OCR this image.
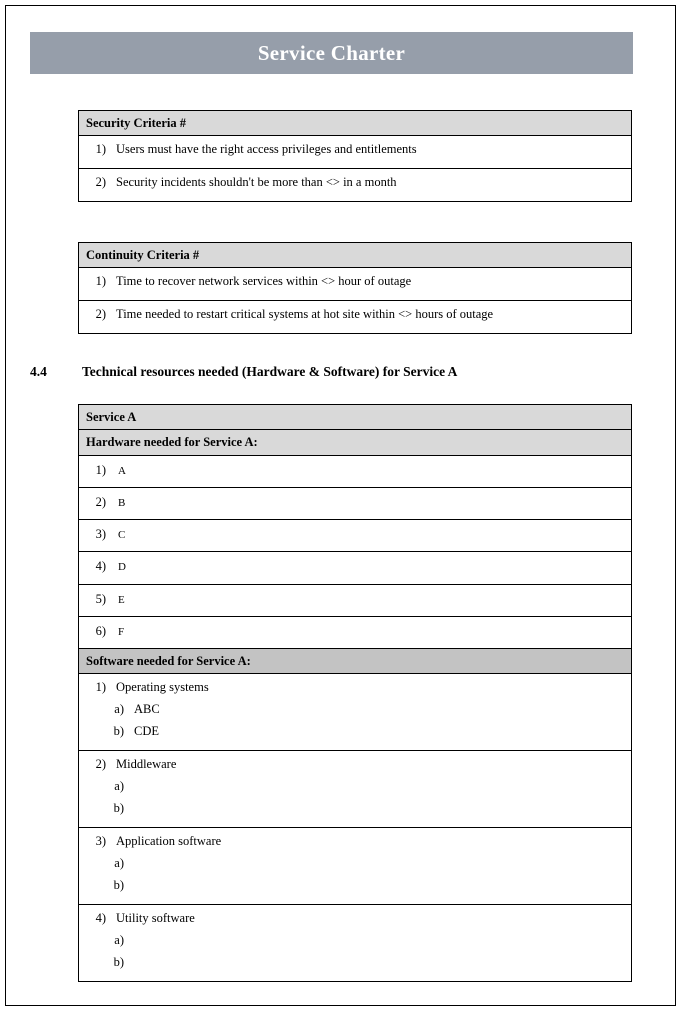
Service Charter
Security Criteria #

1) Users must have the right access privileges and entitlements

2) Security incidents shouldn't be more than <> in a month
Continuity Criteria #

1) Time to recover network services within <> hour of outage

2) Time needed to restart critical systems at hot site within <> hours of outage
4.4	Technical resources needed (Hardware & Software) for Service A
Service A
Hardware needed for Service A:

1)	A

2)	B

3)	C

4)	D

5)	E

6)	F

Software needed for Service A:

1) Operating systems
a) ABC
b) CDE

2) Middleware
a)
b)

3) Application software
a)
b)

4) Utility software
a)
b)
